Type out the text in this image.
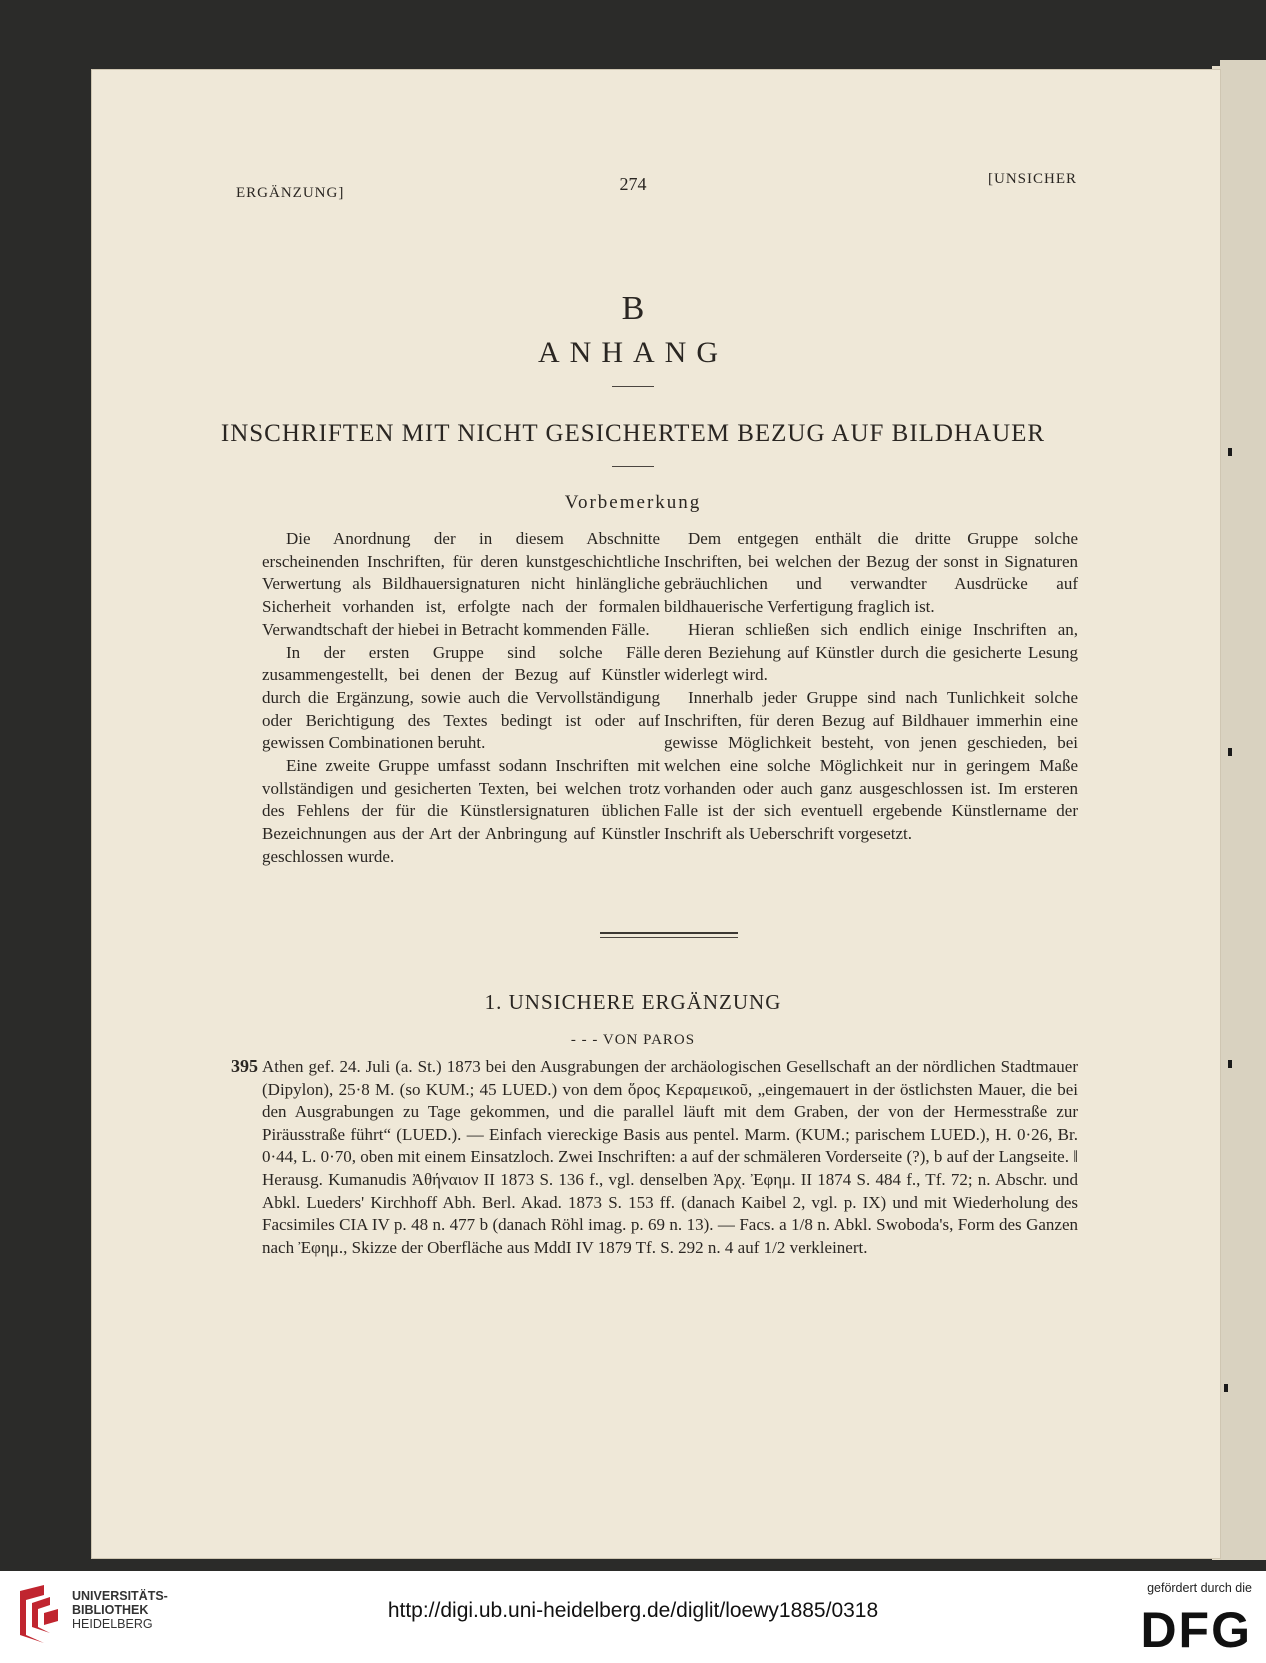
ERGÄNZUNG]	274	[UNSICHER
B
ANHANG
INSCHRIFTEN MIT NICHT GESICHERTEM BEZUG AUF BILDHAUER
Vorbemerkung

Die Anordnung der in diesem Abschnitte erscheinenden Inschriften, für deren kunstgeschichtliche Verwertung als Bildhauersignaturen nicht hinlängliche Sicherheit vorhanden ist, erfolgte nach der formalen Verwandtschaft der hiebei in Betracht kommenden Fälle.

In der ersten Gruppe sind solche Fälle zusammengestellt, bei denen der Bezug auf Künstler durch die Ergänzung, sowie auch die Vervollständigung oder Berichtigung des Textes bedingt ist oder auf gewissen Combinationen beruht.

Eine zweite Gruppe umfasst sodann Inschriften mit vollständigen und gesicherten Texten, bei welchen trotz des Fehlens der für die Künstlersignaturen üblichen Bezeichnungen aus der Art der Anbringung auf Künstler geschlossen wurde.

Dem entgegen enthält die dritte Gruppe solche Inschriften, bei welchen der Bezug der sonst in Signaturen gebräuchlichen und verwandter Ausdrücke auf bildhauerische Verfertigung fraglich ist.

Hieran schließen sich endlich einige Inschriften an, deren Beziehung auf Künstler durch die gesicherte Lesung widerlegt wird.

Innerhalb jeder Gruppe sind nach Tunlichkeit solche Inschriften, für deren Bezug auf Bildhauer immerhin eine gewisse Möglichkeit besteht, von jenen geschieden, bei welchen eine solche Möglichkeit nur in geringem Maße vorhanden oder auch ganz ausgeschlossen ist. Im ersteren Falle ist der sich eventuell ergebende Künstlername der Inschrift als Ueberschrift vorgesetzt.

1. UNSICHERE ERGÄNZUNG
- - - VON PAROS
395 Athen gef. 24. Juli (a. St.) 1873 bei den Ausgrabungen der archäologischen Gesellschaft an der nördlichen Stadtmauer (Dipylon), 25·8 M. (so KUM.; 45 LUED.) von dem ὅρος Κεραμεικοῦ, „eingemauert in der östlichsten Mauer, die bei den Ausgrabungen zu Tage gekommen, und die parallel läuft mit dem Graben, der von der Hermesstraße zur Piräusstraße führt“ (LUED.). — Einfach viereckige Basis aus pentel. Marm. (KUM.; parischem LUED.), H. 0·26, Br. 0·44, L. 0·70, oben mit einem Einsatzloch. Zwei Inschriften: a auf der schmäleren Vorderseite (?), b auf der Langseite. ‖ Herausg. Kumanudis Ἀθήναιον II 1873 S. 136 f., vgl. denselben Ἀρχ. Ἐφημ. II 1874 S. 484 f., Tf. 72; n. Abschr. und Abkl. Lueders' Kirchhoff Abh. Berl. Akad. 1873 S. 153 ff. (danach Kaibel 2, vgl. p. IX) und mit Wiederholung des Facsimiles CIA IV p. 48 n. 477 b (danach Röhl imag. p. 69 n. 13). — Facs. a 1/8 n. Abkl. Swoboda's, Form des Ganzen nach Ἐφημ., Skizze der Oberfläche aus MddI IV 1879 Tf. S. 292 n. 4 auf 1/2 verkleinert.
UNIVERSITÄTS-
BIBLIOTHEK
HEIDELBERG
http://digi.ub.uni-heidelberg.de/diglit/loewy1885/0318
gefördert durch die
DFG
